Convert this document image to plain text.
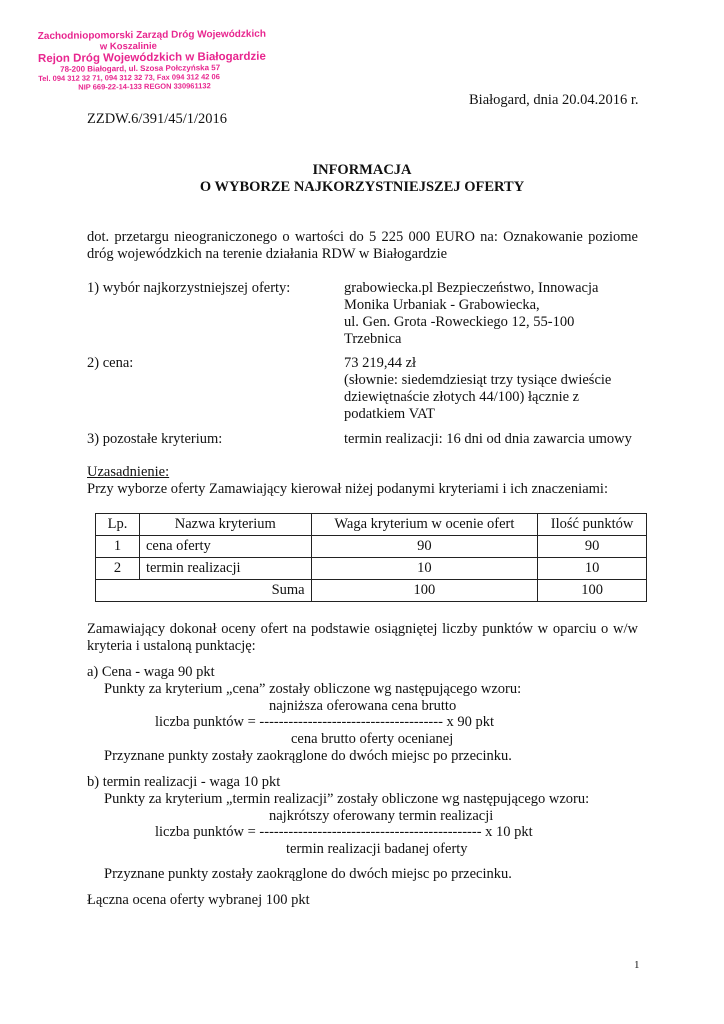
Zachodniopomorski Zarząd Dróg Wojewódzkich
w Koszalinie
Rejon Dróg Wojewódzkich w Białogardzie
78-200 Białogard, ul. Szosa Połczyńska 57
Tel. 094 312 32 71, 094 312 32 73, Fax 094 312 42 06
NIP 669-22-14-133 REGON 330961132
Białogard, dnia 20.04.2016 r.
ZZDW.6/391/45/1/2016
INFORMACJA
O WYBORZE NAJKORZYSTNIEJSZEJ OFERTY
dot. przetargu nieograniczonego o wartości do 5 225 000 EURO na: Oznakowanie poziome
dróg wojewódzkich na terenie działania RDW w Białogardzie
1) wybór najkorzystniejszej oferty:	grabowiecka.pl Bezpieczeństwo, Innowacja
Monika Urbaniak - Grabowiecka,
ul. Gen. Grota -Roweckiego 12, 55-100
Trzebnica
2) cena:	73 219,44 zł
(słownie: siedemdziesiąt trzy tysiące dwieście
dziewiętnaście złotych 44/100) łącznie z
podatkiem VAT
3) pozostałe kryterium:	termin realizacji: 16 dni od dnia zawarcia umowy
Uzasadnienie:
Przy wyborze oferty Zamawiający kierował niżej podanymi kryteriami i ich znaczeniami:
Lp.	Nazwa kryterium	Waga kryterium w ocenie ofert	Ilość punktów
1	cena oferty	90	90
2	termin realizacji	10	10
Suma		100	100
Zamawiający dokonał oceny ofert na podstawie osiągniętej liczby punktów w oparciu o w/w
kryteria i ustaloną punktację:
a) Cena - waga 90 pkt
Punkty za kryterium „cena” zostały obliczone wg następującego wzoru:
najniższa oferowana cena brutto
liczba punktów = -------------------------------------- x 90 pkt
cena brutto oferty ocenianej
Przyznane punkty zostały zaokrąglone do dwóch miejsc po przecinku.
b) termin realizacji - waga 10 pkt
Punkty za kryterium „termin realizacji” zostały obliczone wg następującego wzoru:
najkrótszy oferowany termin realizacji
liczba punktów = ---------------------------------------------- x 10 pkt
termin realizacji badanej oferty
Przyznane punkty zostały zaokrąglone do dwóch miejsc po przecinku.
Łączna ocena oferty wybranej 100 pkt
1
